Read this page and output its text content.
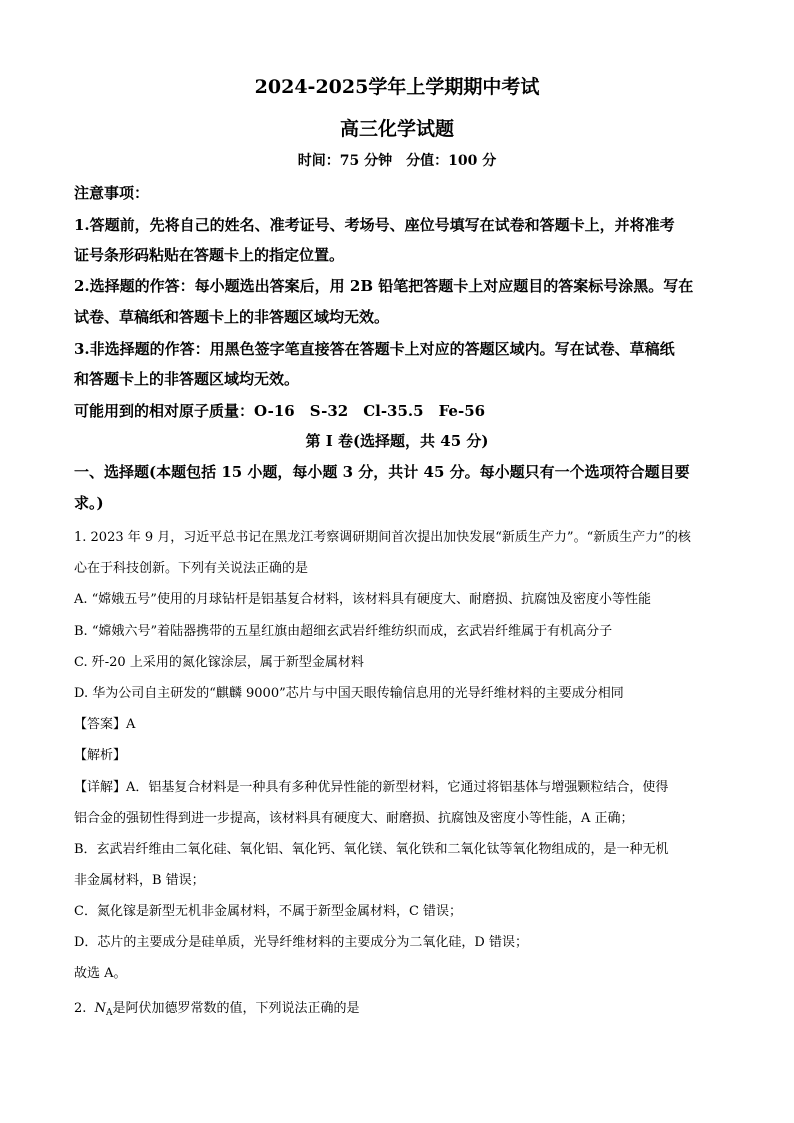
2024-2025学年上学期期中考试
高三化学试题
时间：75 分钟　分值：100 分
注意事项：
1.答题前，先将自己的姓名、准考证号、考场号、座位号填写在试卷和答题卡上，并将准考
证号条形码粘贴在答题卡上的指定位置。
2.选择题的作答：每小题选出答案后，用 2B 铅笔把答题卡上对应题目的答案标号涂黑。写在
试卷、草稿纸和答题卡上的非答题区域均无效。
3.非选择题的作答：用黑色签字笔直接答在答题卡上对应的答题区域内。写在试卷、草稿纸
和答题卡上的非答题区域均无效。
可能用到的相对原子质量：O-16　S-32　Cl-35.5　Fe-56
第 I 卷(选择题，共 45 分)
一、选择题(本题包括 15 小题，每小题 3 分，共计 45 分。每小题只有一个选项符合题目要
求。)
1. 2023 年 9 月，习近平总书记在黑龙江考察调研期间首次提出加快发展“新质生产力”。“新质生产力”的核
心在于科技创新。下列有关说法正确的是
A. “嫦娥五号”使用的月球钻杆是铝基复合材料，该材料具有硬度大、耐磨损、抗腐蚀及密度小等性能
B. “嫦娥六号”着陆器携带的五星红旗由超细玄武岩纤维纺织而成，玄武岩纤维属于有机高分子
C. 歼-20 上采用的氮化镓涂层，属于新型金属材料
D. 华为公司自主研发的“麒麟 9000”芯片与中国天眼传输信息用的光导纤维材料的主要成分相同
【答案】A
【解析】
【详解】A．铝基复合材料是一种具有多种优异性能的新型材料，它通过将铝基体与增强颗粒结合，使得
铝合金的强韧性得到进一步提高，该材料具有硬度大、耐磨损、抗腐蚀及密度小等性能，A 正确；
B．玄武岩纤维由二氧化硅、氧化铝、氧化钙、氧化镁、氧化铁和二氧化钛等氧化物组成的，是一种无机
非金属材料，B 错误；
C．氮化镓是新型无机非金属材料，不属于新型金属材料，C 错误；
D．芯片的主要成分是硅单质，光导纤维材料的主要成分为二氧化硅，D 错误；
故选 A。
2. $N_A$是阿伏加德罗常数的值，下列说法正确的是
